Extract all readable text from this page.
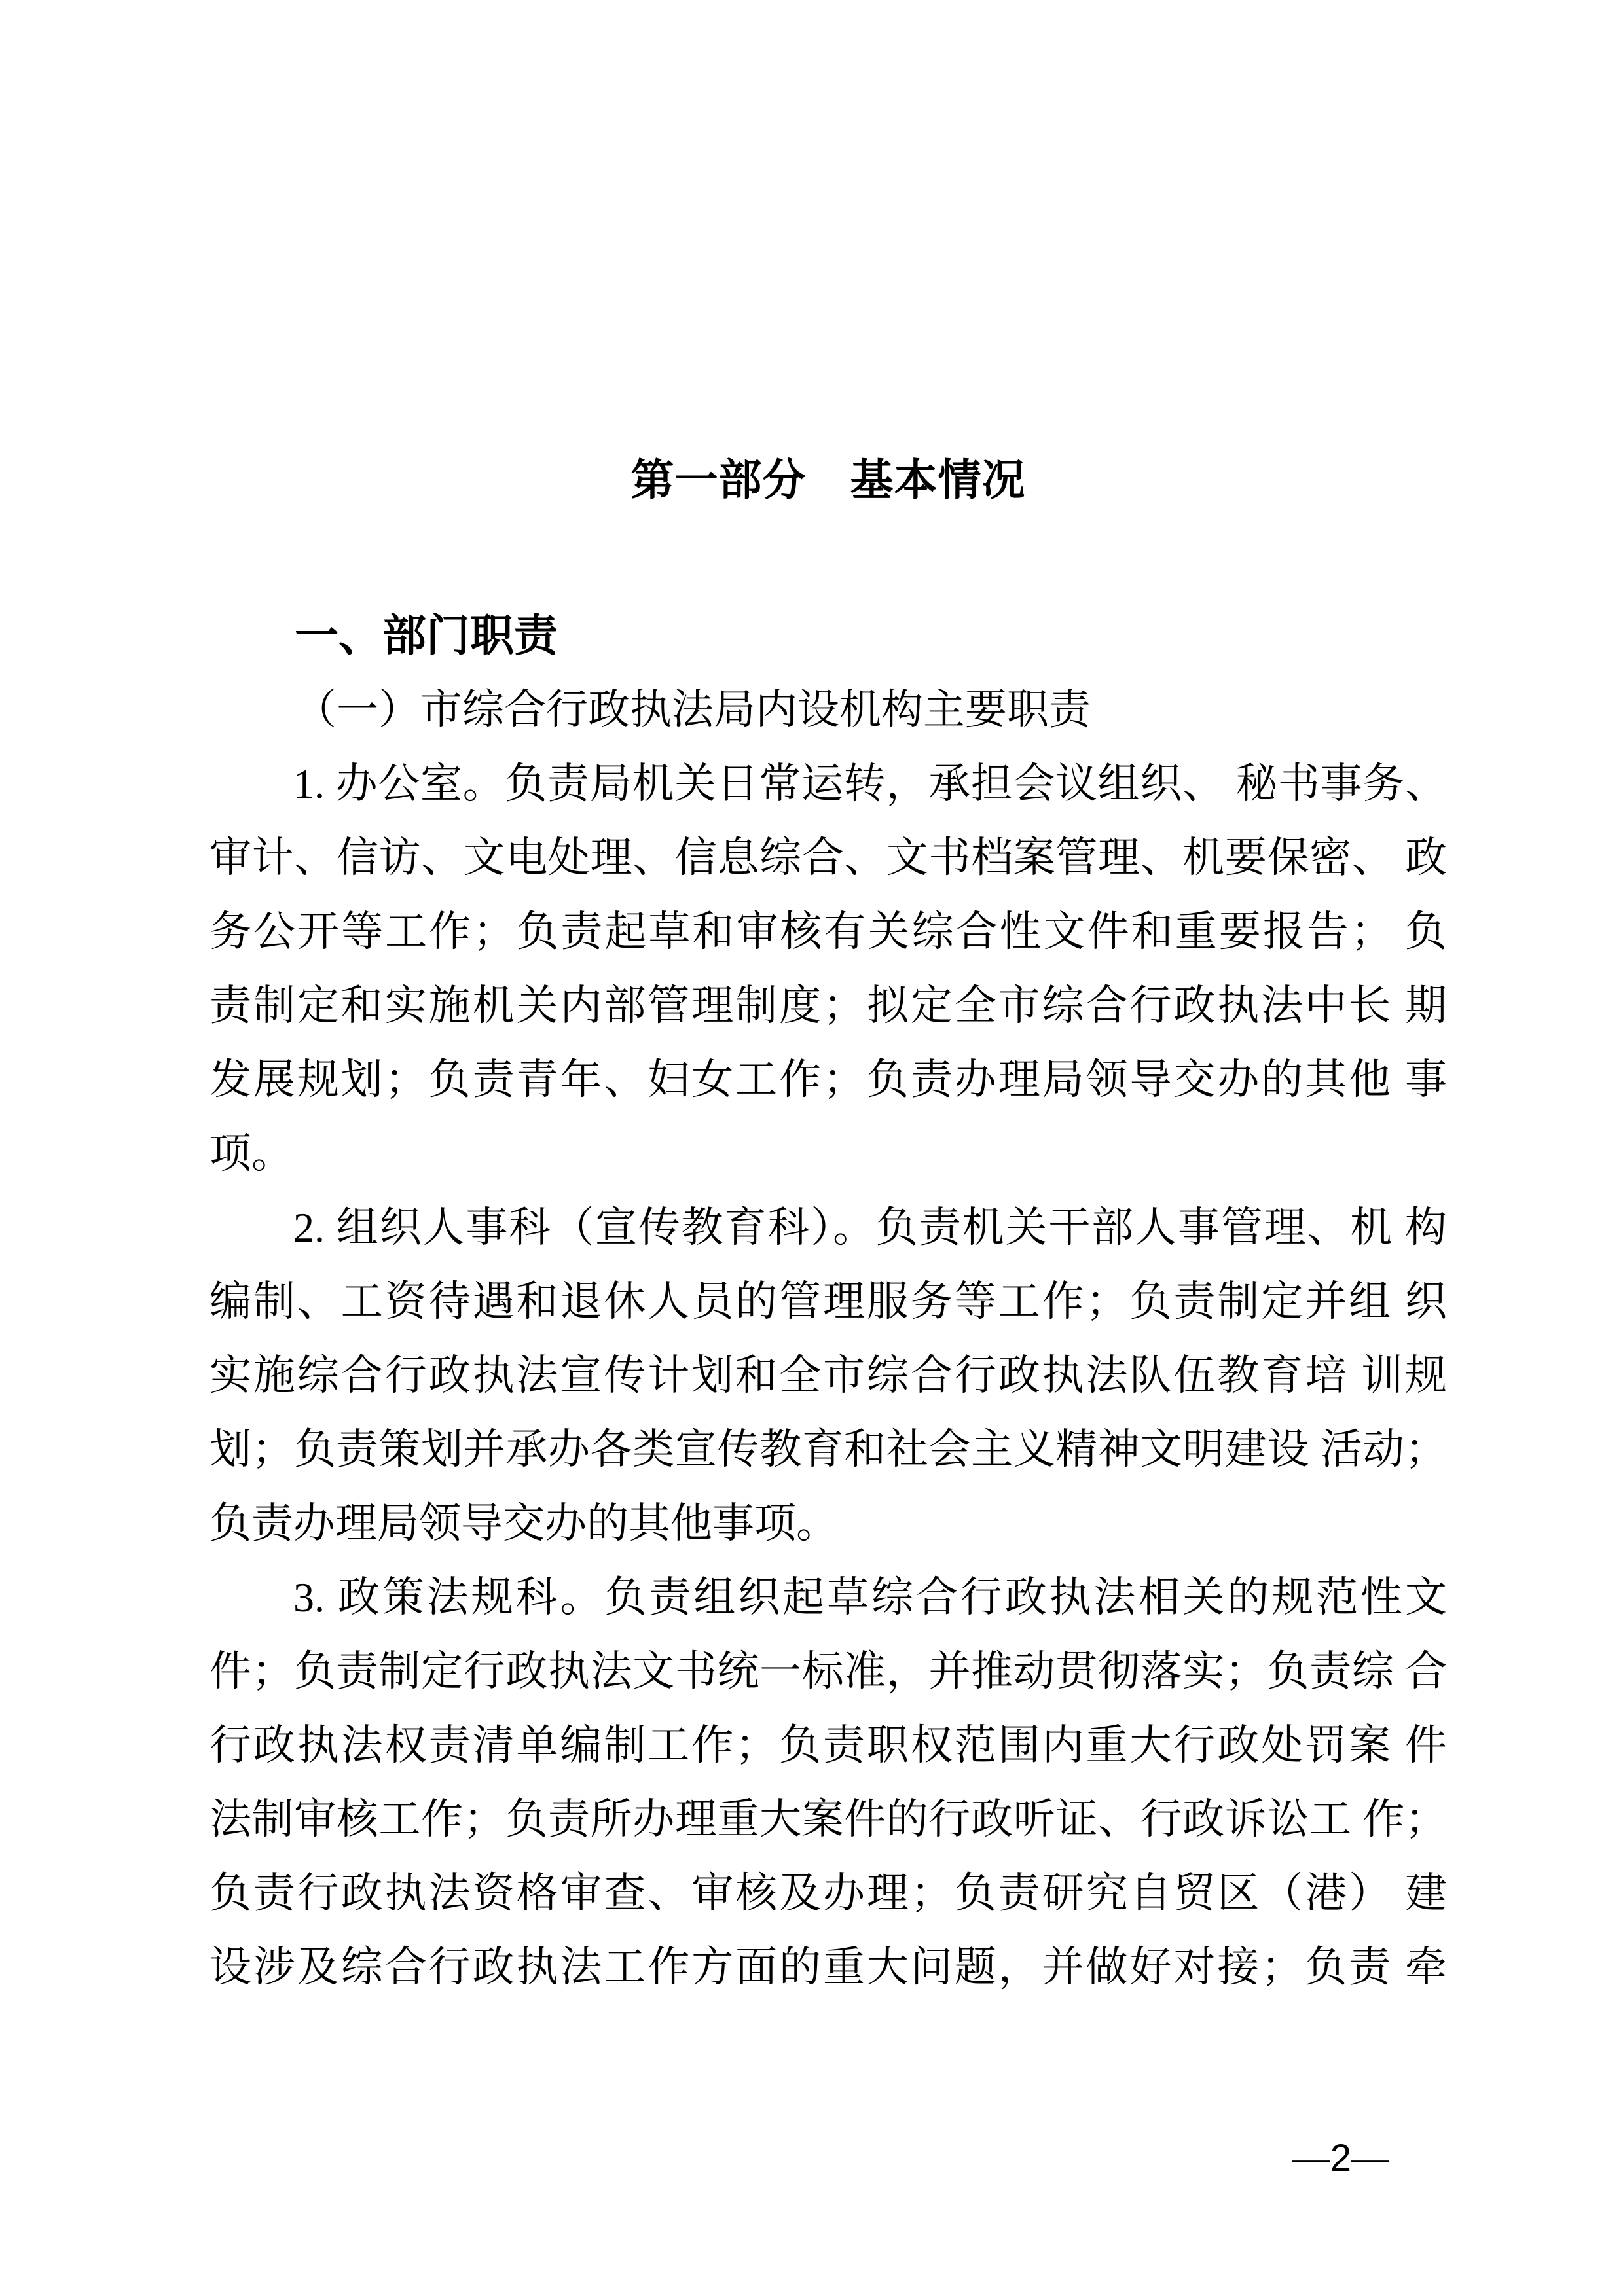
第一部分　基本情况
一、部门职责
（一）市综合行政执法局内设机构主要职责
1. 办公室。负责局机关日常运转，承担会议组织、 秘书事务、
审计、信访、文电处理、信息综合、文书档案管理、机要保密、 政
务公开等工作；负责起草和审核有关综合性文件和重要报告； 负
责制定和实施机关内部管理制度；拟定全市综合行政执法中长 期
发展规划；负责青年、妇女工作；负责办理局领导交办的其他 事
项。
2. 组织人事科（宣传教育科）。负责机关干部人事管理、机 构
编制、工资待遇和退休人员的管理服务等工作；负责制定并组 织
实施综合行政执法宣传计划和全市综合行政执法队伍教育培 训规
划；负责策划并承办各类宣传教育和社会主义精神文明建设 活动；
负责办理局领导交办的其他事项。
3. 政策法规科。负责组织起草综合行政执法相关的规范性文
件；负责制定行政执法文书统一标准，并推动贯彻落实；负责综 合
行政执法权责清单编制工作；负责职权范围内重大行政处罚案 件
法制审核工作；负责所办理重大案件的行政听证、行政诉讼工 作；
负责行政执法资格审查、审核及办理；负责研究自贸区（港） 建
设涉及综合行政执法工作方面的重大问题，并做好对接；负责 牵
—2—
